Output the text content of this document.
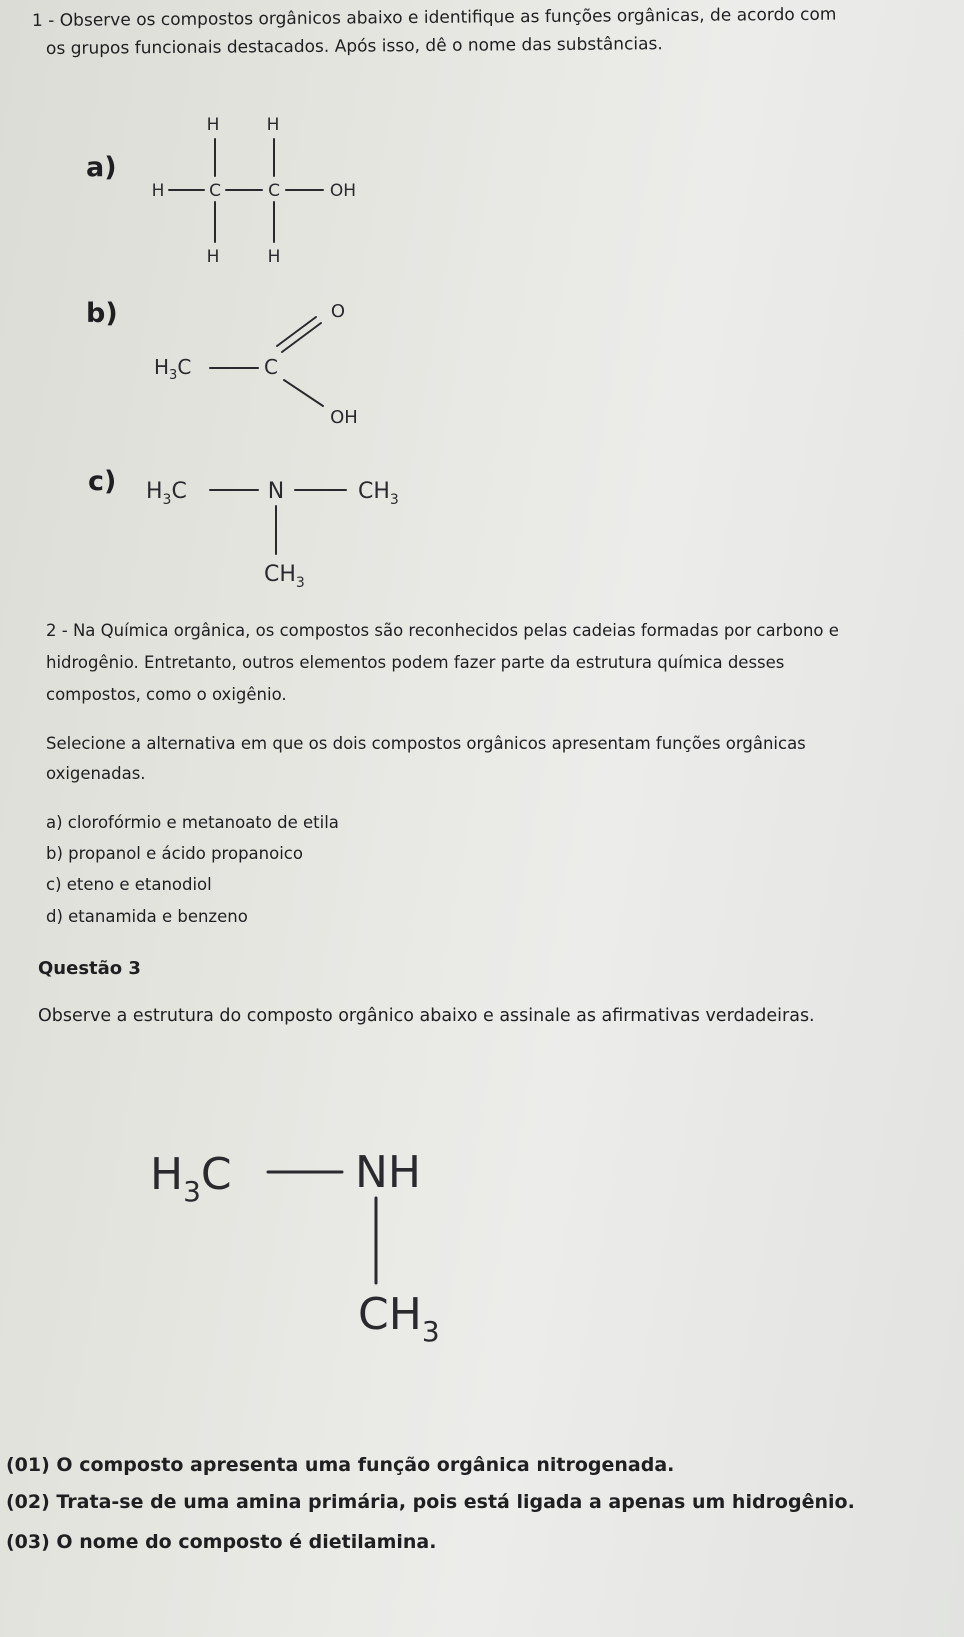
1 - Observe os compostos orgânicos abaixo e identifique as funções orgânicas, de acordo com
os grupos funcionais destacados. Após isso, dê o nome das substâncias.
a)
b)
c)
H	H
H	C	C	OH
H	H
$H_3C$	C
O
OH
$H_3C$	N	$CH_3$
$CH_3$
2 - Na Química orgânica, os compostos são reconhecidos pelas cadeias formadas por carbono e
hidrogênio. Entretanto, outros elementos podem fazer parte da estrutura química desses
compostos, como o oxigênio.
Selecione a alternativa em que os dois compostos orgânicos apresentam funções orgânicas
oxigenadas.
a) clorofórmio e metanoato de etila
b) propanol e ácido propanoico
c) eteno e etanodiol
d) etanamida e benzeno
Questão 3
Observe a estrutura do composto orgânico abaixo e assinale as afirmativas verdadeiras.
$H_3C$	NH
$CH_3$
(01) O composto apresenta uma função orgânica nitrogenada.
(02) Trata-se de uma amina primária, pois está ligada a apenas um hidrogênio.
(03) O nome do composto é dietilamina.
